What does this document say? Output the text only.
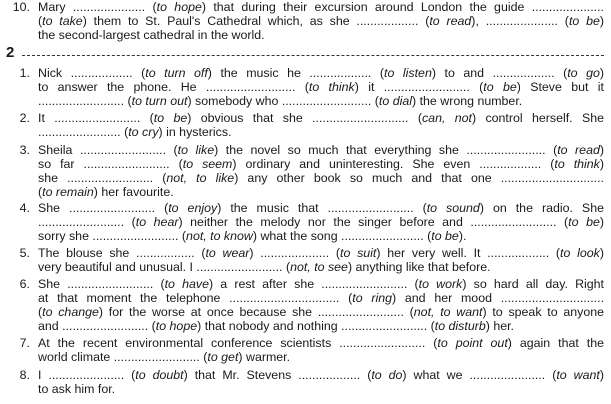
10. Mary ..................... (to hope) that during their excursion around London the guide .....................
(to take) them to St. Paul's Cathedral which, as she .................. (to read), ..................... (to be)
the second-largest cathedral in the world.
2
1. Nick .................. (to turn off) the music he .................. (to listen) to and .................. (to go)
to answer the phone. He .......................... (to think) it ......................... (to be) Steve but it
......................... (to turn out) somebody who .......................... (to dial) the wrong number.
2. It ......................... (to be) obvious that she ............................ (can, not) control herself. She
........................ (to cry) in hysterics.
3. Sheila ......................... (to like) the novel so much that everything she ....................... (to read)
so far ......................... (to seem) ordinary and uninteresting. She even .................. (to think)
she ......................... (not, to like) any other book so much and that one ..............................
(to remain) her favourite.
4. She ......................... (to enjoy) the music that ......................... (to sound) on the radio. She
......................... (to hear) neither the melody nor the singer before and ......................... (to be)
sorry she ......................... (not, to know) what the song ........................ (to be).
5. The blouse she ................. (to wear) .................... (to suit) her very well. It .................. (to look)
very beautiful and unusual. I ......................... (not, to see) anything like that before.
6. She ......................... (to have) a rest after she ......................... (to work) so hard all day. Right
at that moment the telephone ................................ (to ring) and her mood ..............................
(to change) for the worse at once because she ......................... (not, to want) to speak to anyone
and ......................... (to hope) that nobody and nothing ......................... (to disturb) her.
7. At the recent environmental conference scientists ......................... (to point out) again that the
world climate ......................... (to get) warmer.
8. I ...................... (to doubt) that Mr. Stevens .................. (to do) what we ...................... (to want)
to ask him for.
